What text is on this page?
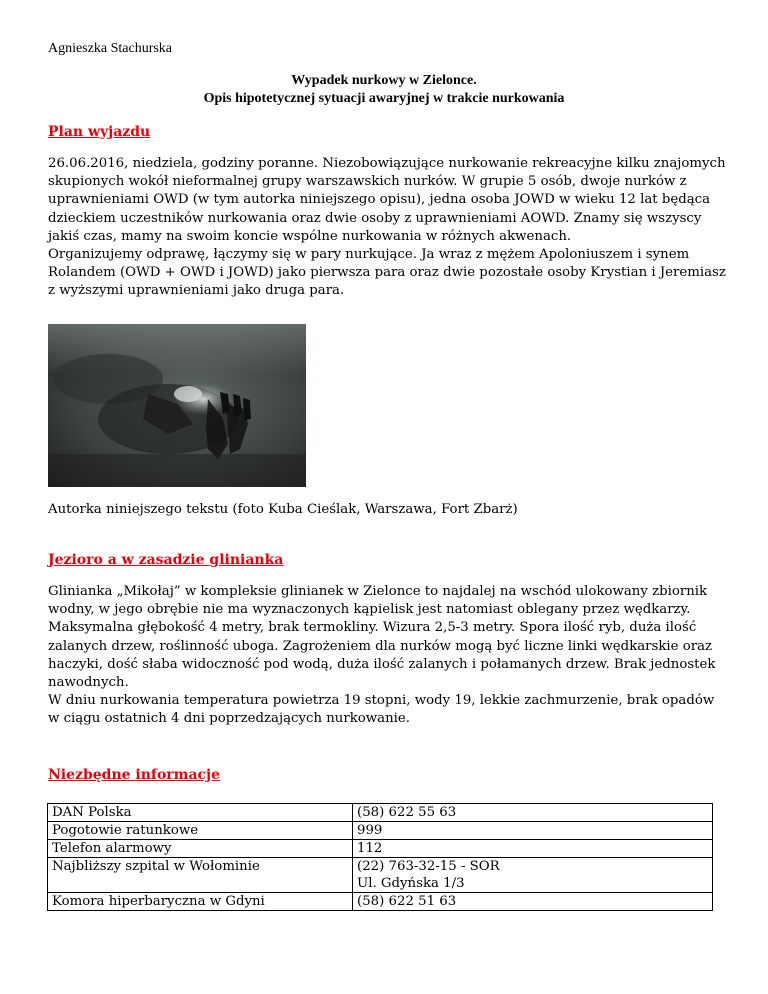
Agnieszka Stachurska
Wypadek nurkowy w Zielonce.
Opis hipotetycznej sytuacji awaryjnej w trakcie nurkowania
Plan wyjazdu

26.06.2016, niedziela, godziny poranne. Niezobowiązujące nurkowanie rekreacyjne kilku znajomych skupionych wokół nieformalnej grupy warszawskich nurków. W grupie 5 osób, dwoje nurków z uprawnieniami OWD (w tym autorka niniejszego opisu), jedna osoba JOWD w wieku 12 lat będąca dzieckiem uczestników nurkowania oraz dwie osoby z uprawnieniami AOWD. Znamy się wszyscy jakiś czas, mamy na swoim koncie wspólne nurkowania w różnych akwenach.

Organizujemy odprawę, łączymy się w pary nurkujące. Ja wraz z mężem Apoloniuszem i synem Rolandem (OWD + OWD i JOWD) jako pierwsza para oraz dwie pozostałe osoby Krystian i Jeremiasz z wyższymi uprawnieniami jako druga para.

Autorka niniejszego tekstu (foto Kuba Cieślak, Warszawa, Fort Zbarż)
Jezioro a w zasadzie glinianka

Glinianka „Mikołaj” w kompleksie glinianek w Zielonce to najdalej na wschód ulokowany zbiornik wodny, w jego obrębie nie ma wyznaczonych kąpielisk jest natomiast oblegany przez wędkarzy.

Maksymalna głębokość 4 metry, brak termokliny. Wizura 2,5-3 metry. Spora ilość ryb, duża ilość zalanych drzew, roślinność uboga. Zagrożeniem dla nurków mogą być liczne linki wędkarskie oraz haczyki, dość słaba widoczność pod wodą, duża ilość zalanych i połamanych drzew. Brak jednostek nawodnych.

W dniu nurkowania temperatura powietrza 19 stopni, wody 19, lekkie zachmurzenie, brak opadów w ciągu ostatnich 4 dni poprzedzających nurkowanie.

Niezbędne informacje
DAN Polska	(58) 622 55 63
Pogotowie ratunkowe	999
Telefon alarmowy	112
Najbliższy szpital w Wołominie	(22) 763-32-15 - SOR
Ul. Gdyńska 1/3

Komora hiperbaryczna w Gdyni	(58) 622 51 63
